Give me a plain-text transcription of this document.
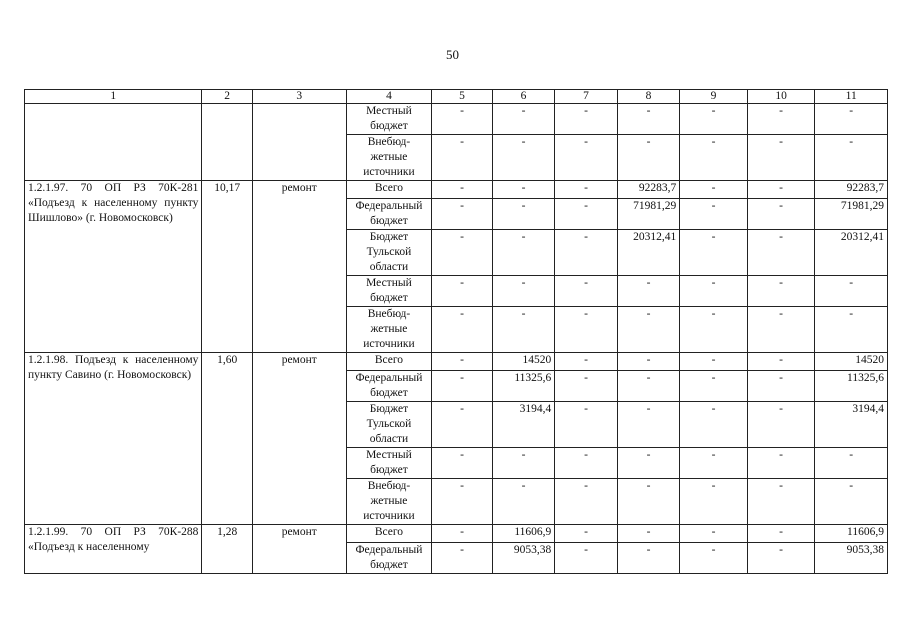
50
1	2	3	4	5	6	7	8	9	10	11
			Местный бюджет	-	-	-	-	-	-	-
			Внебюд-жетные источники	-	-	-	-	-	-	-
1.2.1.97. 70 ОП РЗ 70К-281 «Подъезд к населенному пункту Шишлово» (г. Новомосковск)	10,17	ремонт	Всего	-	-	-	92283,7	-	-	92283,7
			Федеральный бюджет	-	-	-	71981,29	-	-	71981,29
			Бюджет Тульской области	-	-	-	20312,41	-	-	20312,41
			Местный бюджет	-	-	-	-	-	-	-
			Внебюд-жетные источники	-	-	-	-	-	-	-
1.2.1.98. Подъезд к населенному пункту Савино (г. Новомосковск)	1,60	ремонт	Всего	-	14520	-	-	-	-	14520
			Федеральный бюджет	-	11325,6	-	-	-	-	11325,6
			Бюджет Тульской области	-	3194,4	-	-	-	-	3194,4
			Местный бюджет	-	-	-	-	-	-	-
			Внебюд-жетные источники	-	-	-	-	-	-	-
1.2.1.99. 70 ОП РЗ 70К-288 «Подъезд к населенному	1,28	ремонт	Всего	-	11606,9	-	-	-	-	11606,9
			Федеральный бюджет	-	9053,38	-	-	-	-	9053,38
